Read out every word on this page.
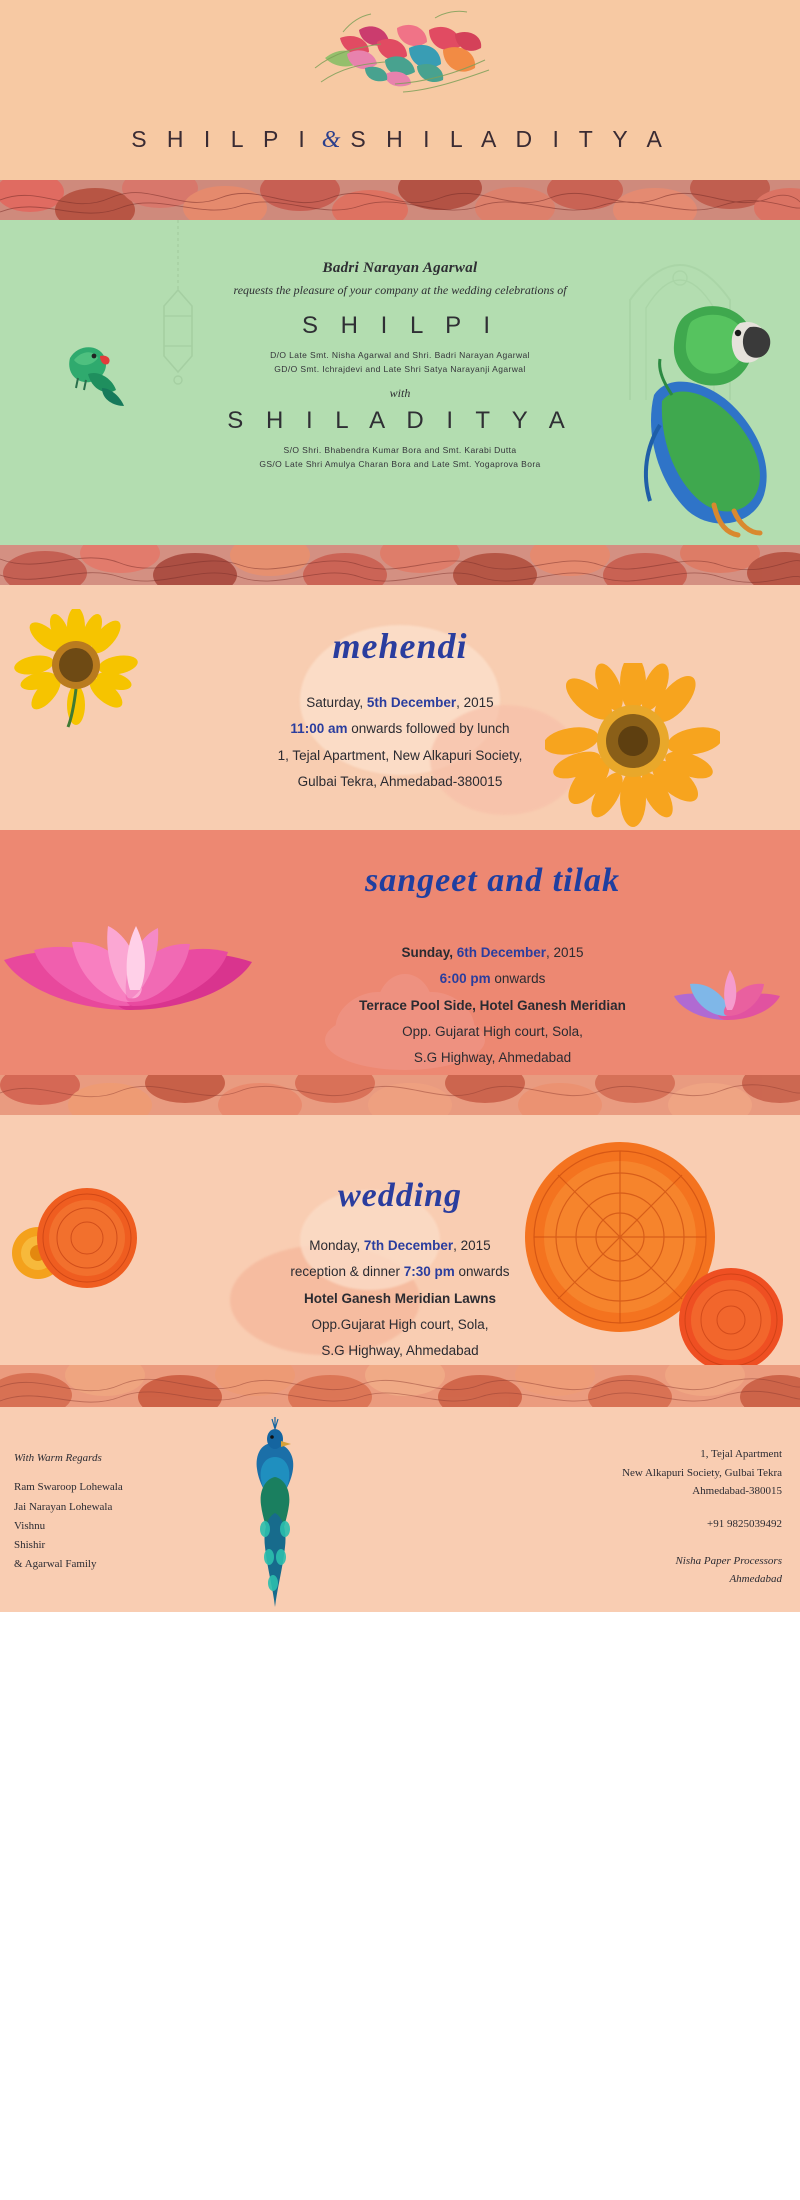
S H I L P I & S H I L A D I T Y A
Badri Narayan Agarwal
requests the pleasure of your company at the wedding celebrations of
S H I L P I
D/O Late Smt. Nisha Agarwal and Shri. Badri Narayan Agarwal
GD/O Smt. Ichrajdevi and Late Shri Satya Narayanji Agarwal
with
S H I L A D I T Y A
S/O Shri. Bhabendra Kumar Bora and Smt. Karabi Dutta
GS/O Late Shri Amulya Charan Bora and Late Smt. Yogaprova Bora
mehendi
Saturday, 5th December, 2015
11:00 am onwards followed by lunch
1, Tejal Apartment, New Alkapuri Society,
Gulbai Tekra, Ahmedabad-380015
sangeet and tilak
Sunday, 6th December, 2015
6:00 pm onwards
Terrace Pool Side, Hotel Ganesh Meridian
Opp. Gujarat High court, Sola,
S.G Highway, Ahmedabad
wedding
Monday, 7th December, 2015
reception & dinner 7:30 pm onwards
Hotel Ganesh Meridian Lawns
Opp.Gujarat High court, Sola,
S.G Highway, Ahmedabad
With Warm Regards
Ram Swaroop Lohewala
Jai Narayan Lohewala
Vishnu
Shishir
& Agarwal Family
1, Tejal Apartment
New Alkapuri Society, Gulbai Tekra
Ahmedabad-380015
+91 9825039492
Nisha Paper Processors
Ahmedabad
